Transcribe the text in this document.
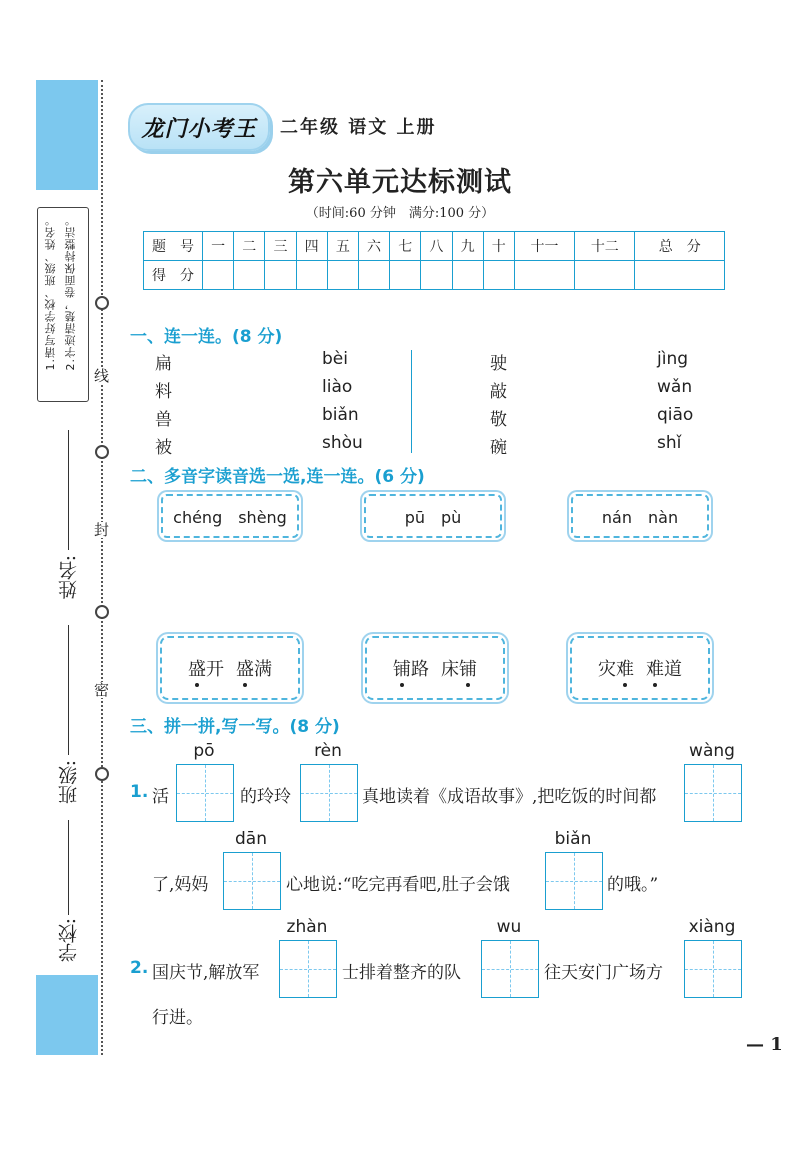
1.请写好学校、班级、姓名。 2.字迹清楚，卷面保持整洁。
线
封
密
姓名:
班级:
学校:
龙门小考王	二年级 语文 上册
第六单元达标测试
（时间:60 分钟　满分:100 分）
题　号	一	二	三	四	五	六	七	八	九	十	十一	十二	总　分
得　分													
一、连一连。(8 分)
扁
料
兽
被
bèi
liào
biǎn
shòu
驶
敲
敬
碗
jìng
wǎn
qiāo
shǐ
二、多音字读音选一选,连一连。(6 分)
chéng　shèng	pū　pù	nán　nàn
盛开 盛满	铺路 床铺	灾难 难道
三、拼一拼,写一写。(8 分)
1. 活
pō
的玲玲
rèn
真地读着《成语故事》,把吃饭的时间都
wàng
了,妈妈
dān
心地说:“吃完再看吧,肚子会饿
biǎn
的哦。”
2. 国庆节,解放军
zhàn
士排着整齐的队
wu
往天安门广场方
xiàng
行进。
— 1
